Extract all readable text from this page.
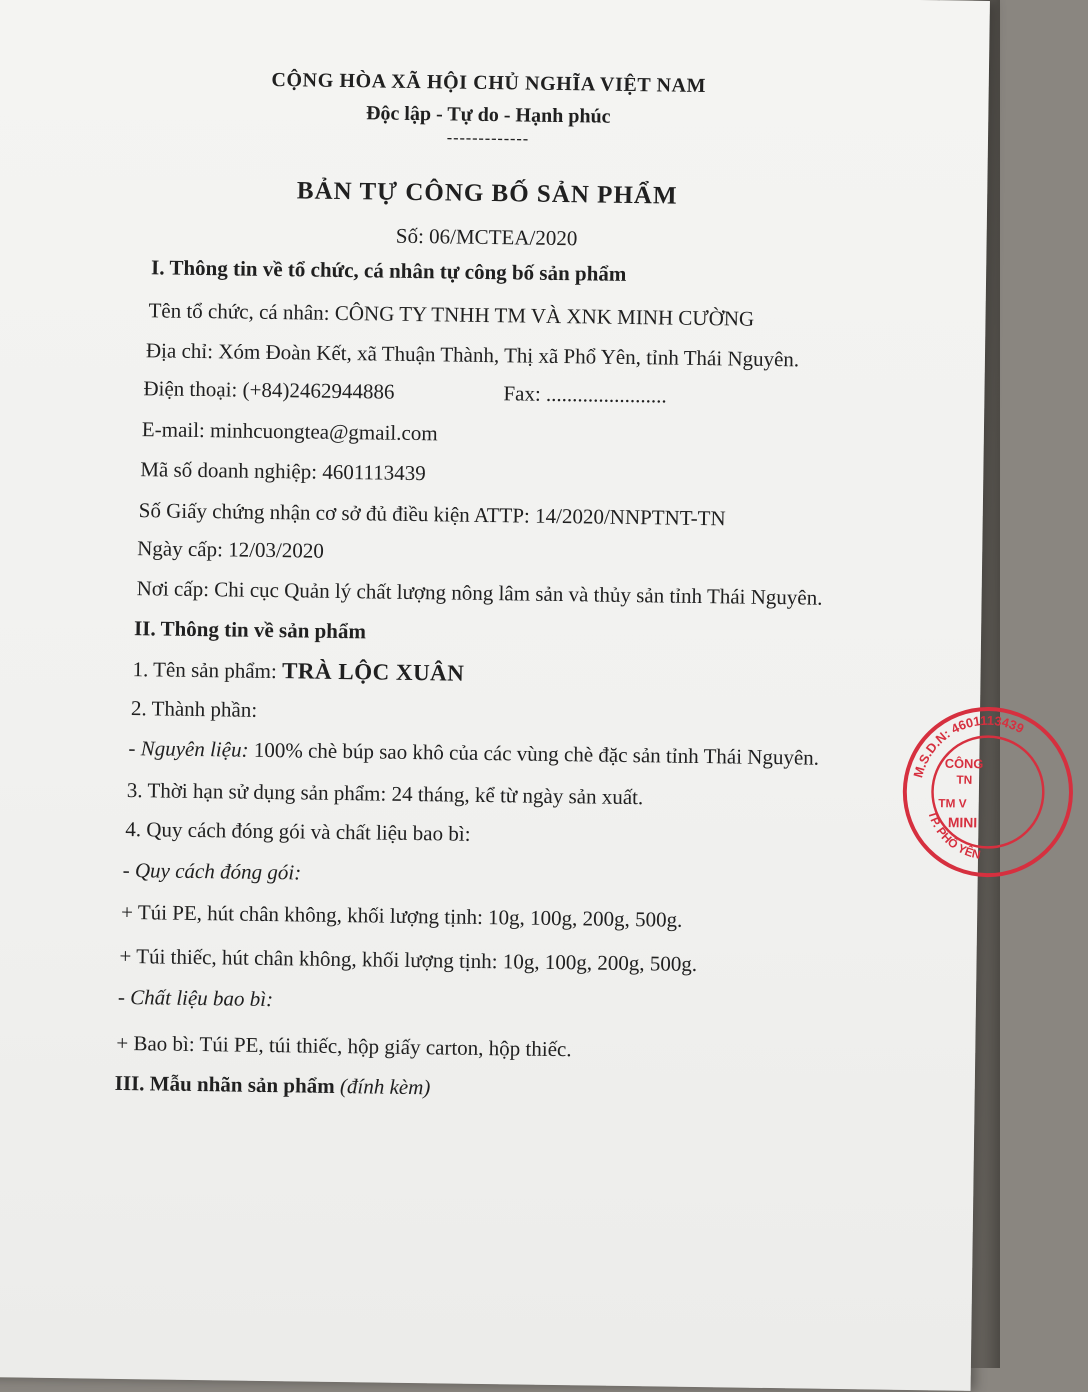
CỘNG HÒA XÃ HỘI CHỦ NGHĨA VIỆT NAM
Độc lập - Tự do - Hạnh phúc
-------------
BẢN TỰ CÔNG BỐ SẢN PHẨM
Số: 06/MCTEA/2020
I. Thông tin về tổ chức, cá nhân tự công bố sản phẩm
Tên tổ chức, cá nhân: CÔNG TY TNHH TM VÀ XNK MINH CƯỜNG
Địa chỉ: Xóm Đoàn Kết, xã Thuận Thành, Thị xã Phổ Yên, tỉnh Thái Nguyên.
Điện thoại: (+84)2462944886	Fax: .......................
E-mail: minhcuongtea@gmail.com
Mã số doanh nghiệp: 4601113439
Số Giấy chứng nhận cơ sở đủ điều kiện ATTP: 14/2020/NNPTNT-TN
Ngày cấp: 12/03/2020
Nơi cấp: Chi cục Quản lý chất lượng nông lâm sản và thủy sản tỉnh Thái Nguyên.
II. Thông tin về sản phẩm
1. Tên sản phẩm: TRÀ LỘC XUÂN
2. Thành phần:
- Nguyên liệu: 100% chè búp sao khô của các vùng chè đặc sản tỉnh Thái Nguyên.
3. Thời hạn sử dụng sản phẩm: 24 tháng, kể từ ngày sản xuất.
4. Quy cách đóng gói và chất liệu bao bì:
- Quy cách đóng gói:
+ Túi PE, hút chân không, khối lượng tịnh: 10g, 100g, 200g, 500g.
+ Túi thiếc, hút chân không, khối lượng tịnh: 10g, 100g, 200g, 500g.
- Chất liệu bao bì:
+ Bao bì: Túi PE, túi thiếc, hộp giấy carton, hộp thiếc.
III. Mẫu nhãn sản phẩm (đính kèm)
M.S.D.N: 4601113439
TP. PHỔ YÊN
CÔNG
TN
TM V
MINI
